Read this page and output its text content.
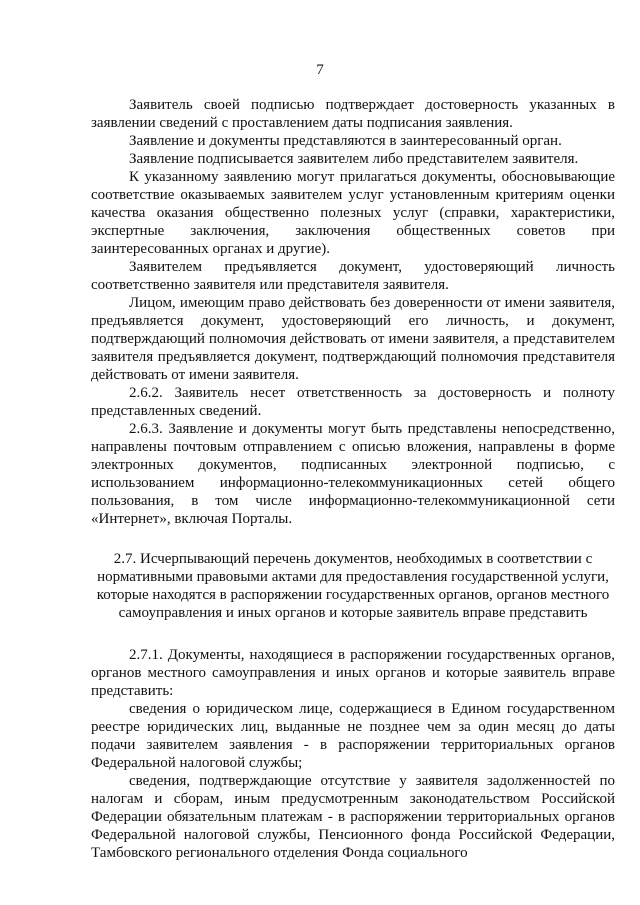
7

Заявитель своей подписью подтверждает достоверность указанных в заявлении сведений с проставлением даты подписания заявления.

Заявление и документы представляются в заинтересованный орган.

Заявление подписывается заявителем либо представителем заявителя.

К указанному заявлению могут прилагаться документы, обосновывающие соответствие оказываемых заявителем услуг установленным критериям оценки качества оказания общественно полезных услуг (справки, характеристики, экспертные заключения, заключения общественных советов при заинтересованных органах и другие).

Заявителем предъявляется документ, удостоверяющий личность соответственно заявителя или представителя заявителя.

Лицом, имеющим право действовать без доверенности от имени заявителя, предъявляется документ, удостоверяющий его личность, и документ, подтверждающий полномочия действовать от имени заявителя, а представителем заявителя предъявляется документ, подтверждающий полномочия представителя действовать от имени заявителя.

2.6.2. Заявитель несет ответственность за достоверность и полноту представленных сведений.

2.6.3. Заявление и документы могут быть представлены непосредственно, направлены почтовым отправлением с описью вложения, направлены в форме электронных документов, подписанных электронной подписью, с использованием информационно-телекоммуникационных сетей общего пользования, в том числе информационно-телекоммуникационной сети «Интернет», включая Порталы.

2.7. Исчерпывающий перечень документов, необходимых в соответствии с нормативными правовыми актами для предоставления государственной услуги, которые находятся в распоряжении государственных органов, органов местного самоуправления и иных органов и которые заявитель вправе представить

2.7.1. Документы, находящиеся в распоряжении государственных органов, органов местного самоуправления и иных органов и которые заявитель вправе представить:

сведения о юридическом лице, содержащиеся в Едином государственном реестре юридических лиц, выданные не позднее чем за один месяц до даты подачи заявителем заявления - в распоряжении территориальных органов Федеральной налоговой службы;

сведения, подтверждающие отсутствие у заявителя задолженностей по налогам и сборам, иным предусмотренным законодательством Российской Федерации обязательным платежам - в распоряжении территориальных органов Федеральной налоговой службы, Пенсионного фонда Российской Федерации, Тамбовского регионального отделения Фонда социального
